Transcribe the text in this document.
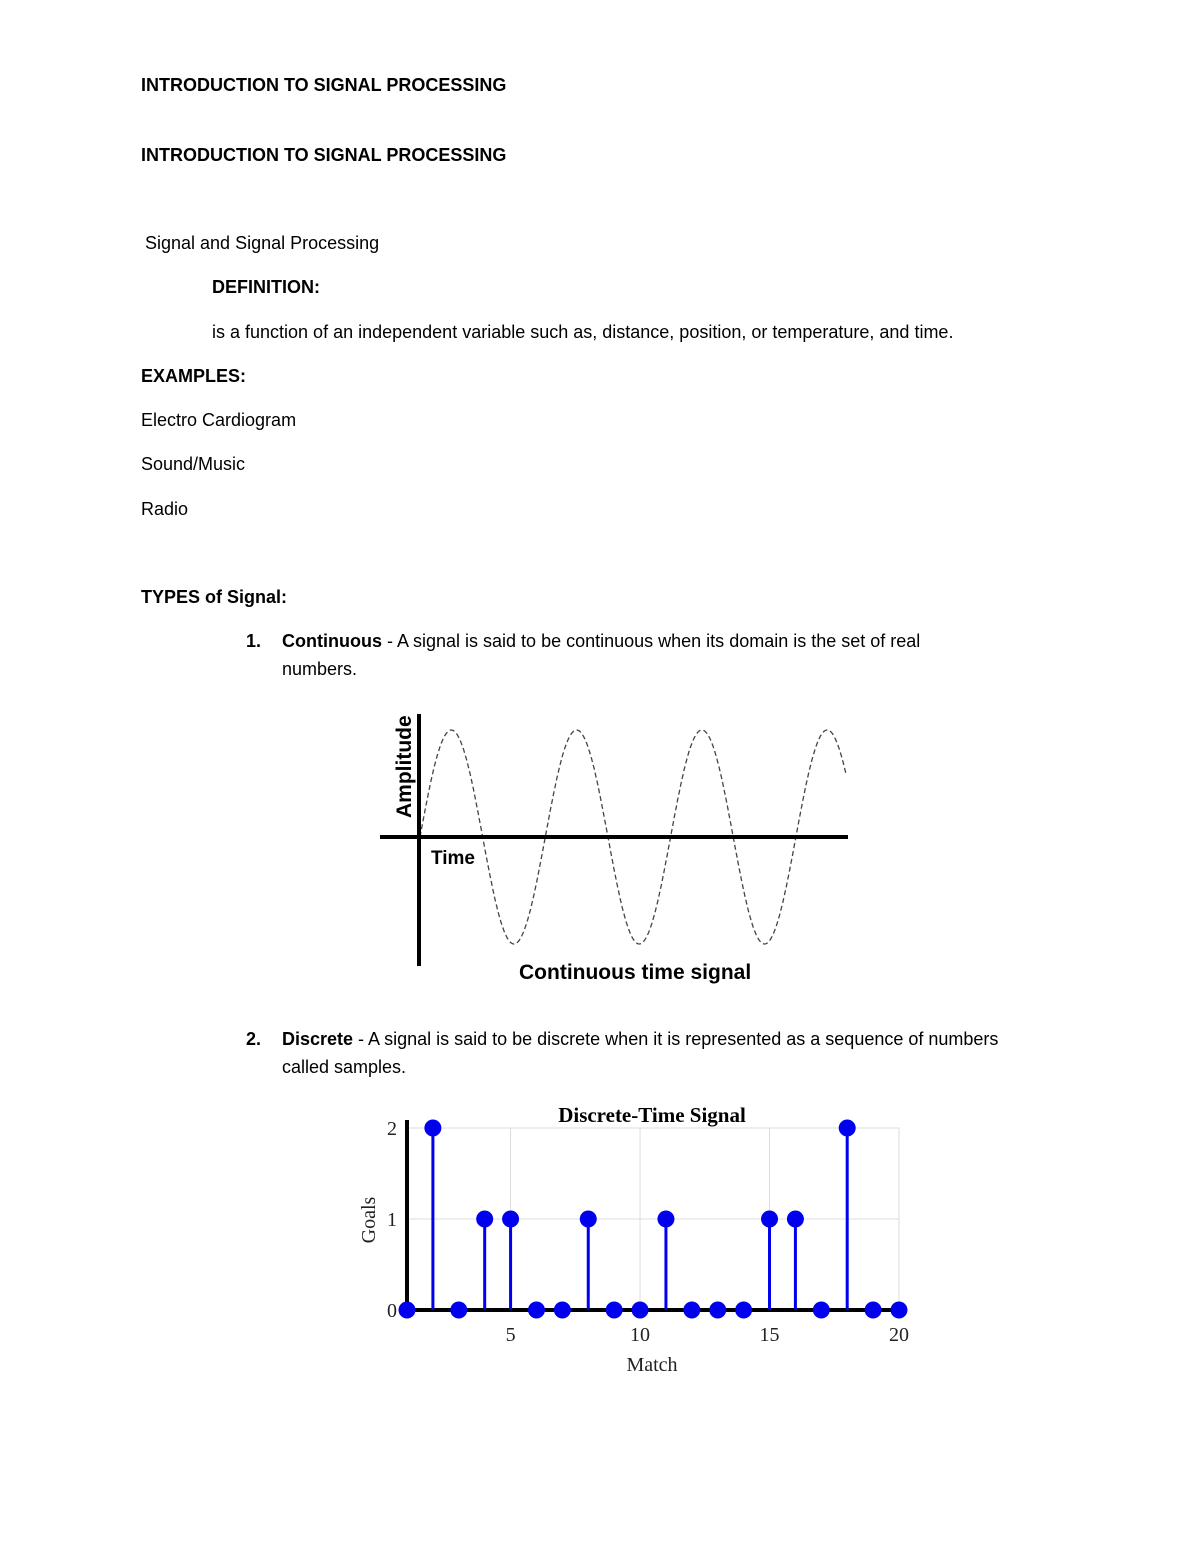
INTRODUCTION TO SIGNAL PROCESSING
INTRODUCTION TO SIGNAL PROCESSING
Signal and Signal Processing
DEFINITION:
is a function of an independent variable such as, distance, position, or temperature, and time.
EXAMPLES:
Electro Cardiogram
Sound/Music
Radio
TYPES of Signal:
1. Continuous - A signal is said to be continuous when its domain is the set of real
numbers.
Amplitude
Time
Continuous time signal
2. Discrete - A signal is said to be discrete when it is represented as a sequence of numbers
called samples.
5	10	15	20
0
1
2
Discrete-Time Signal
Match
Goals
